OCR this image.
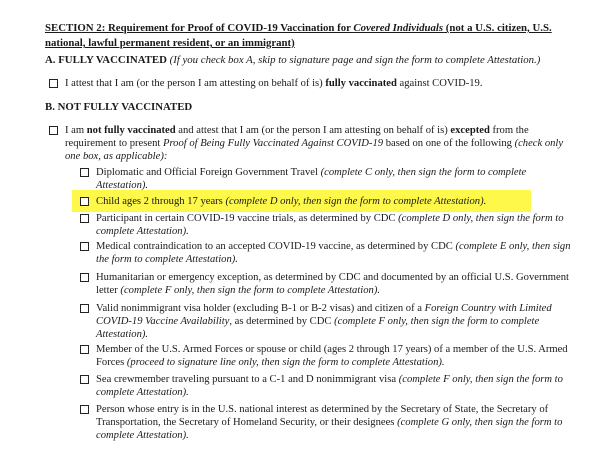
SECTION 2: Requirement for Proof of COVID-19 Vaccination for Covered Individuals (not a U.S. citizen, U.S. national, lawful permanent resident, or an immigrant)
A. FULLY VACCINATED (If you check box A, skip to signature page and sign the form to complete Attestation.)
I attest that I am (or the person I am attesting on behalf of is) fully vaccinated against COVID-19.
B. NOT FULLY VACCINATED
I am not fully vaccinated and attest that I am (or the person I am attesting on behalf of is) excepted from the requirement to present Proof of Being Fully Vaccinated Against COVID-19 based on one of the following (check only one box, as applicable):
Diplomatic and Official Foreign Government Travel (complete C only, then sign the form to complete Attestation).
Child ages 2 through 17 years (complete D only, then sign the form to complete Attestation).
Participant in certain COVID-19 vaccine trials, as determined by CDC (complete D only, then sign the form to complete Attestation).
Medical contraindication to an accepted COVID-19 vaccine, as determined by CDC (complete E only, then sign the form to complete Attestation).
Humanitarian or emergency exception, as determined by CDC and documented by an official U.S. Government letter (complete F only, then sign the form to complete Attestation).
Valid nonimmigrant visa holder (excluding B-1 or B-2 visas) and citizen of a Foreign Country with Limited COVID-19 Vaccine Availability, as determined by CDC (complete F only, then sign the form to complete Attestation).
Member of the U.S. Armed Forces or spouse or child (ages 2 through 17 years) of a member of the U.S. Armed Forces (proceed to signature line only, then sign the form to complete Attestation).
Sea crewmember traveling pursuant to a C-1 and D nonimmigrant visa (complete F only, then sign the form to complete Attestation).
Person whose entry is in the U.S. national interest as determined by the Secretary of State, the Secretary of Transportation, the Secretary of Homeland Security, or their designees (complete G only, then sign the form to complete Attestation).
